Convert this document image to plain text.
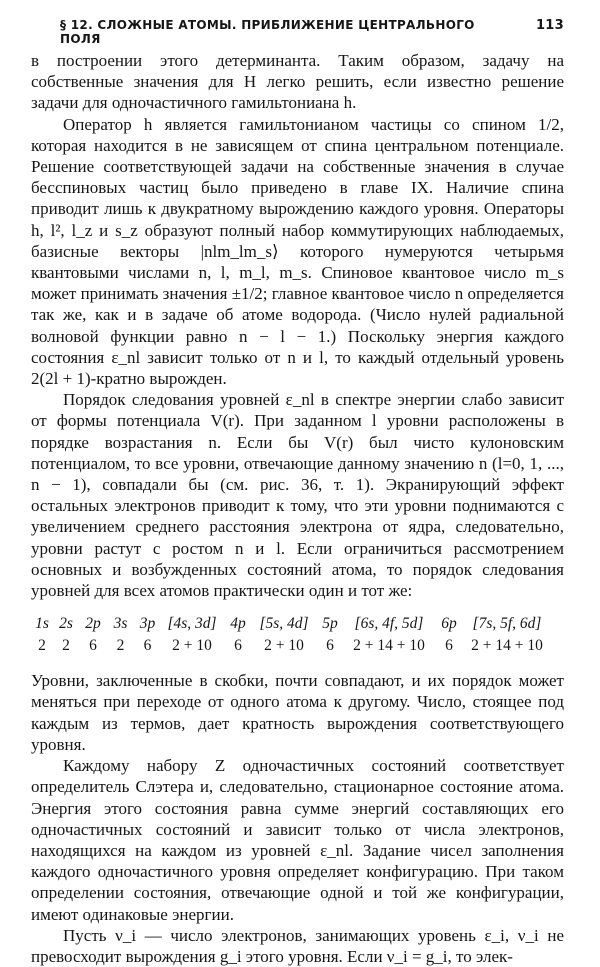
§ 12. СЛОЖНЫЕ АТОМЫ. ПРИБЛИЖЕНИЕ ЦЕНТРАЛЬНОГО ПОЛЯ
113

в построении этого детерминанта. Таким образом, задачу на собственные значения для H легко решить, если известно решение задачи для одночастичного гамильтониана h.

Оператор h является гамильтонианом частицы со спином 1/2, которая находится в не зависящем от спина центральном потенциале. Решение соответствующей задачи на собственные значения в случае бесспиновых частиц было приведено в главе IX. Наличие спина приводит лишь к двукратному вырождению каждого уровня. Операторы h, l², l_z и s_z образуют полный набор коммутирующих наблюдаемых, базисные векторы |nlm_lm_s⟩ которого нумеруются четырьмя квантовыми числами n, l, m_l, m_s. Спиновое квантовое число m_s может принимать значения ±1/2; главное квантовое число n определяется так же, как и в задаче об атоме водорода. (Число нулей радиальной волновой функции равно n − l − 1.) Поскольку энергия каждого состояния ε_nl зависит только от n и l, то каждый отдельный уровень 2(2l + 1)-кратно вырожден.

Порядок следования уровней ε_nl в спектре энергии слабо зависит от формы потенциала V(r). При заданном l уровни расположены в порядке возрастания n. Если бы V(r) был чисто кулоновским потенциалом, то все уровни, отвечающие данному значению n (l=0, 1, ..., n − 1), совпадали бы (см. рис. 36, т. 1). Экранирующий эффект остальных электронов приводит к тому, что эти уровни поднимаются с увеличением среднего расстояния электрона от ядра, следовательно, уровни растут с ростом n и l. Если ограничиться рассмотрением основных и возбужденных состояний атома, то порядок следования уровней для всех атомов практически один и тот же:

1s 2s 2p 3s 3p [4s, 3d] 4p [5s, 4d] 5p	[6s, 4f, 5d]	6p	[7s, 5f, 6d]
2	2	6	2	6	2 + 10	6	2 + 10	6	2 + 14 + 10	6	2 + 14 + 10

Уровни, заключенные в скобки, почти совпадают, и их порядок может меняться при переходе от одного атома к другому. Число, стоящее под каждым из термов, дает кратность вырождения соответствующего уровня.

Каждому набору Z одночастичных состояний соответствует определитель Слэтера и, следовательно, стационарное состояние атома. Энергия этого состояния равна сумме энергий составляющих его одночастичных состояний и зависит только от числа электронов, находящихся на каждом из уровней ε_nl. Задание чисел заполнения каждого одночастичного уровня определяет конфигурацию. При таком определении состояния, отвечающие одной и той же конфигурации, имеют одинаковые энергии.

Пусть ν_i — число электронов, занимающих уровень ε_i, ν_i не превосходит вырождения g_i этого уровня. Если ν_i = g_i, то элек-
